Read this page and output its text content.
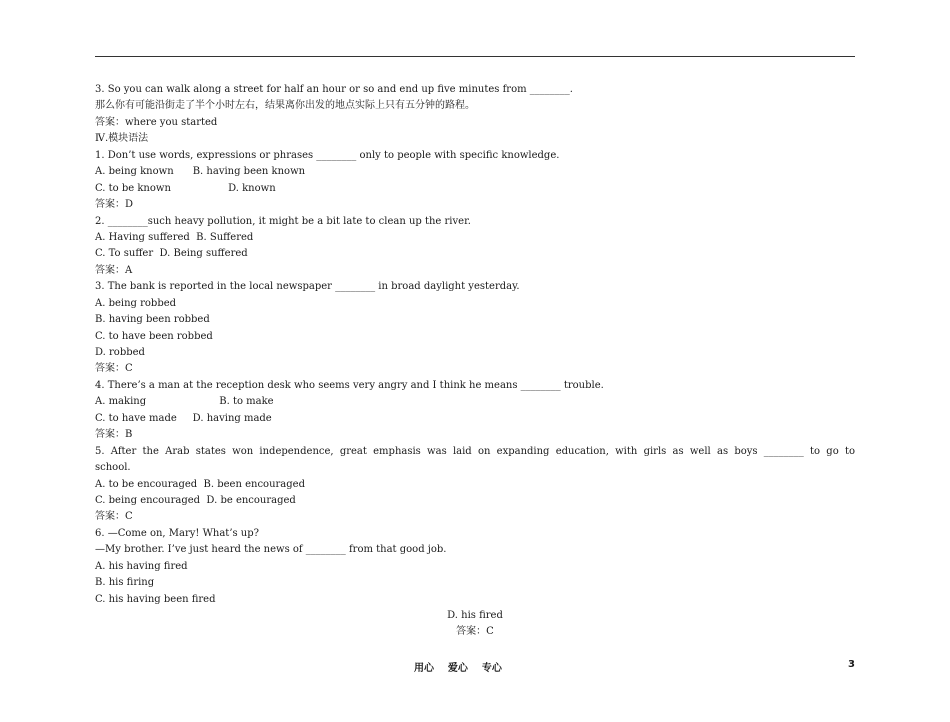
3. So you can walk along a street for half an hour or so and end up five minutes from ________.
那么你有可能沿街走了半个小时左右，结果离你出发的地点实际上只有五分钟的路程。
答案：where you started
Ⅳ.模块语法
1. Don’t use words, expressions or phrases ________ only to people with specific knowledge.
A. being known      B. having been known
C. to be known                  D. known
答案：D
2. ________such heavy pollution, it might be a bit late to clean up the river.
A. Having suffered  B. Suffered
C. To suffer  D. Being suffered
答案：A
3. The bank is reported in the local newspaper ________ in broad daylight yesterday.
A. being robbed
B. having been robbed
C. to have been robbed
D. robbed
答案：C
4. There’s a man at the reception desk who seems very angry and I think he means ________ trouble.
A. making                       B. to make
C. to have made     D. having made
答案：B
5. After the Arab states won independence, great emphasis was laid on expanding education, with girls as well as boys ________ to go to
school.
A. to be encouraged  B. been encouraged
C. being encouraged  D. be encouraged
答案：C
6. —Come on, Mary! What’s up?
—My brother. I’ve just heard the news of ________ from that good job.
A. his having fired
B. his firing
C. his having been fired
D. his fired
答案：C
用心    爱心    专心	3
